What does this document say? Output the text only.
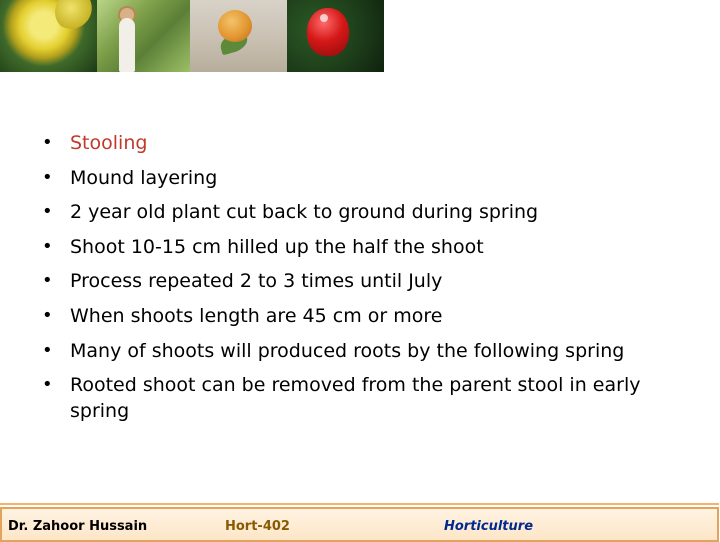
• Stooling
• Mound layering
• 2 year old plant cut back to ground during spring
• Shoot 10-15 cm hilled up the half the shoot
• Process repeated 2 to 3 times until July
• When shoots length are 45 cm or more
• Many of shoots will produced roots by the following spring
• Rooted shoot can be removed from the parent stool in early spring
Dr. Zahoor Hussain	Hort-402	Horticulture
